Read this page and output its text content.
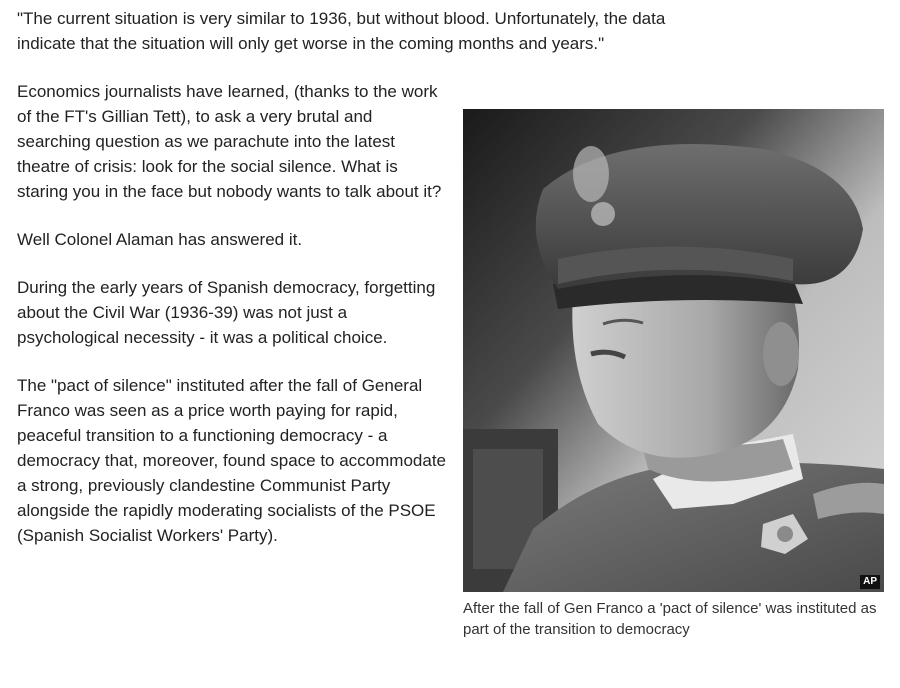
"The current situation is very similar to 1936, but without blood. Unfortunately, the data indicate that the situation will only get worse in the coming months and years."

Economics journalists have learned, (thanks to the work of the FT's Gillian Tett), to ask a very brutal and searching question as we parachute into the latest theatre of crisis: look for the social silence. What is staring you in the face but nobody wants to talk about it?

Well Colonel Alaman has answered it.

During the early years of Spanish democracy, forgetting about the Civil War (1936-39) was not just a psychological necessity - it was a political choice.

The "pact of silence" instituted after the fall of General Franco was seen as a price worth paying for rapid, peaceful transition to a functioning democracy - a democracy that, moreover, found space to accommodate a strong, previously clandestine Communist Party alongside the rapidly moderating socialists of the PSOE (Spanish Socialist Workers' Party).

AP
After the fall of Gen Franco a 'pact of silence' was instituted as part of the transition to democracy
